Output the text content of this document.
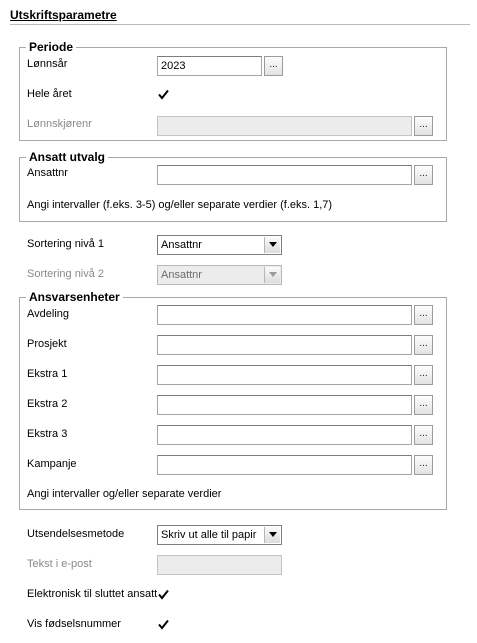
Utskriftsparametre
Periode
Lønnsår	2023	...
Hele året
Lønnskjørenr	...
Ansatt utvalg
Ansattnr	...
Angi intervaller (f.eks. 3-5) og/eller separate verdier (f.eks. 1,7)
Sortering nivå 1	Ansattnr
Sortering nivå 2	Ansattnr
Ansvarsenheter
Avdeling	...
Prosjekt	...
Ekstra 1	...
Ekstra 2	...
Ekstra 3	...
Kampanje	...
Angi intervaller og/eller separate verdier
Utsendelsesmetode	Skriv ut alle til papir
Tekst i e-post
Elektronisk til sluttet ansatt
Vis fødselsnummer
